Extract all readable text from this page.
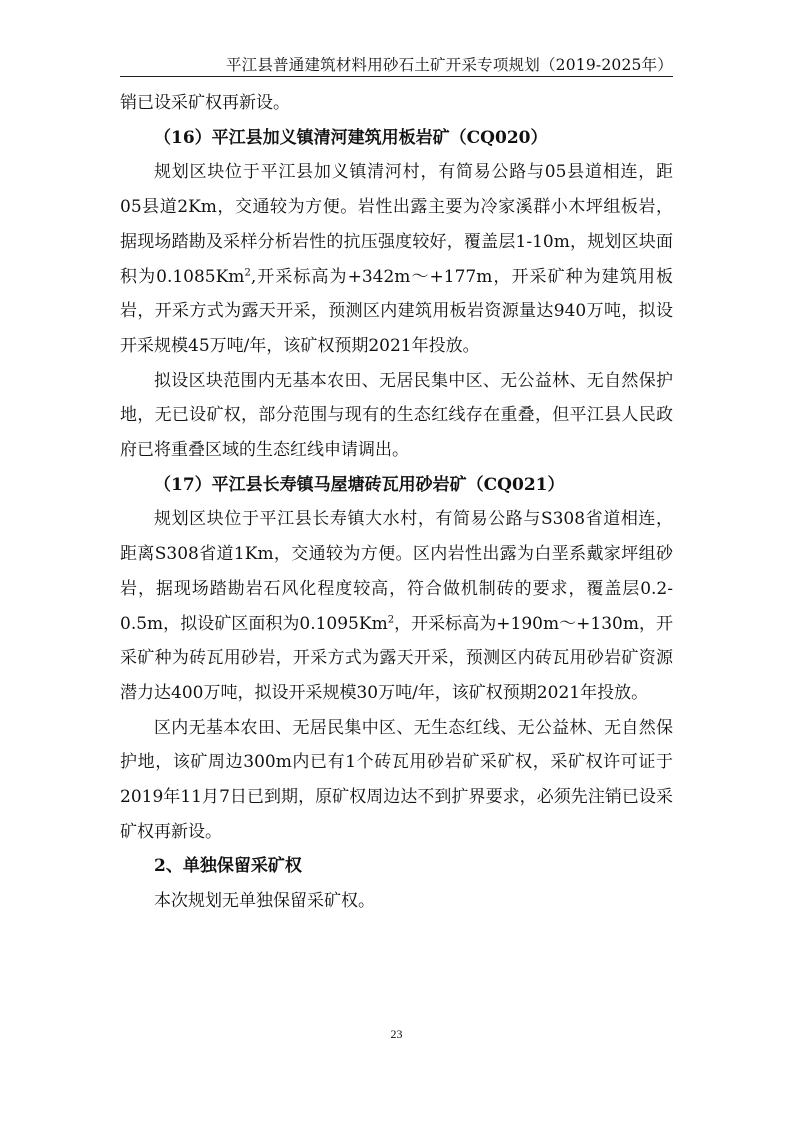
平江县普通建筑材料用砂石土矿开采专项规划（2019-2025年）

销已设采矿权再新设。

（16）平江县加义镇清河建筑用板岩矿（CQ020）

规划区块位于平江县加义镇清河村，有简易公路与05县道相连，距05县道2Km，交通较为方便。岩性出露主要为冷家溪群小木坪组板岩，据现场踏勘及采样分析岩性的抗压强度较好，覆盖层1-10m，规划区块面积为0.1085Km$^2$,开采标高为+342m～+177m，开采矿种为建筑用板岩，开采方式为露天开采，预测区内建筑用板岩资源量达940万吨，拟设开采规模45万吨/年，该矿权预期2021年投放。

拟设区块范围内无基本农田、无居民集中区、无公益林、无自然保护地，无已设矿权，部分范围与现有的生态红线存在重叠，但平江县人民政府已将重叠区域的生态红线申请调出。

（17）平江县长寿镇马屋塘砖瓦用砂岩矿（CQ021）

规划区块位于平江县长寿镇大水村，有简易公路与S308省道相连，距离S308省道1Km，交通较为方便。区内岩性出露为白垩系戴家坪组砂岩，据现场踏勘岩石风化程度较高，符合做机制砖的要求，覆盖层0.2-0.5m，拟设矿区面积为0.1095Km$^2$，开采标高为+190m～+130m，开采矿种为砖瓦用砂岩，开采方式为露天开采，预测区内砖瓦用砂岩矿资源潜力达400万吨，拟设开采规模30万吨/年，该矿权预期2021年投放。

区内无基本农田、无居民集中区、无生态红线、无公益林、无自然保护地，该矿周边300m内已有1个砖瓦用砂岩矿采矿权，采矿权许可证于2019年11月7日已到期，原矿权周边达不到扩界要求，必须先注销已设采矿权再新设。

2、单独保留采矿权

本次规划无单独保留采矿权。

23
